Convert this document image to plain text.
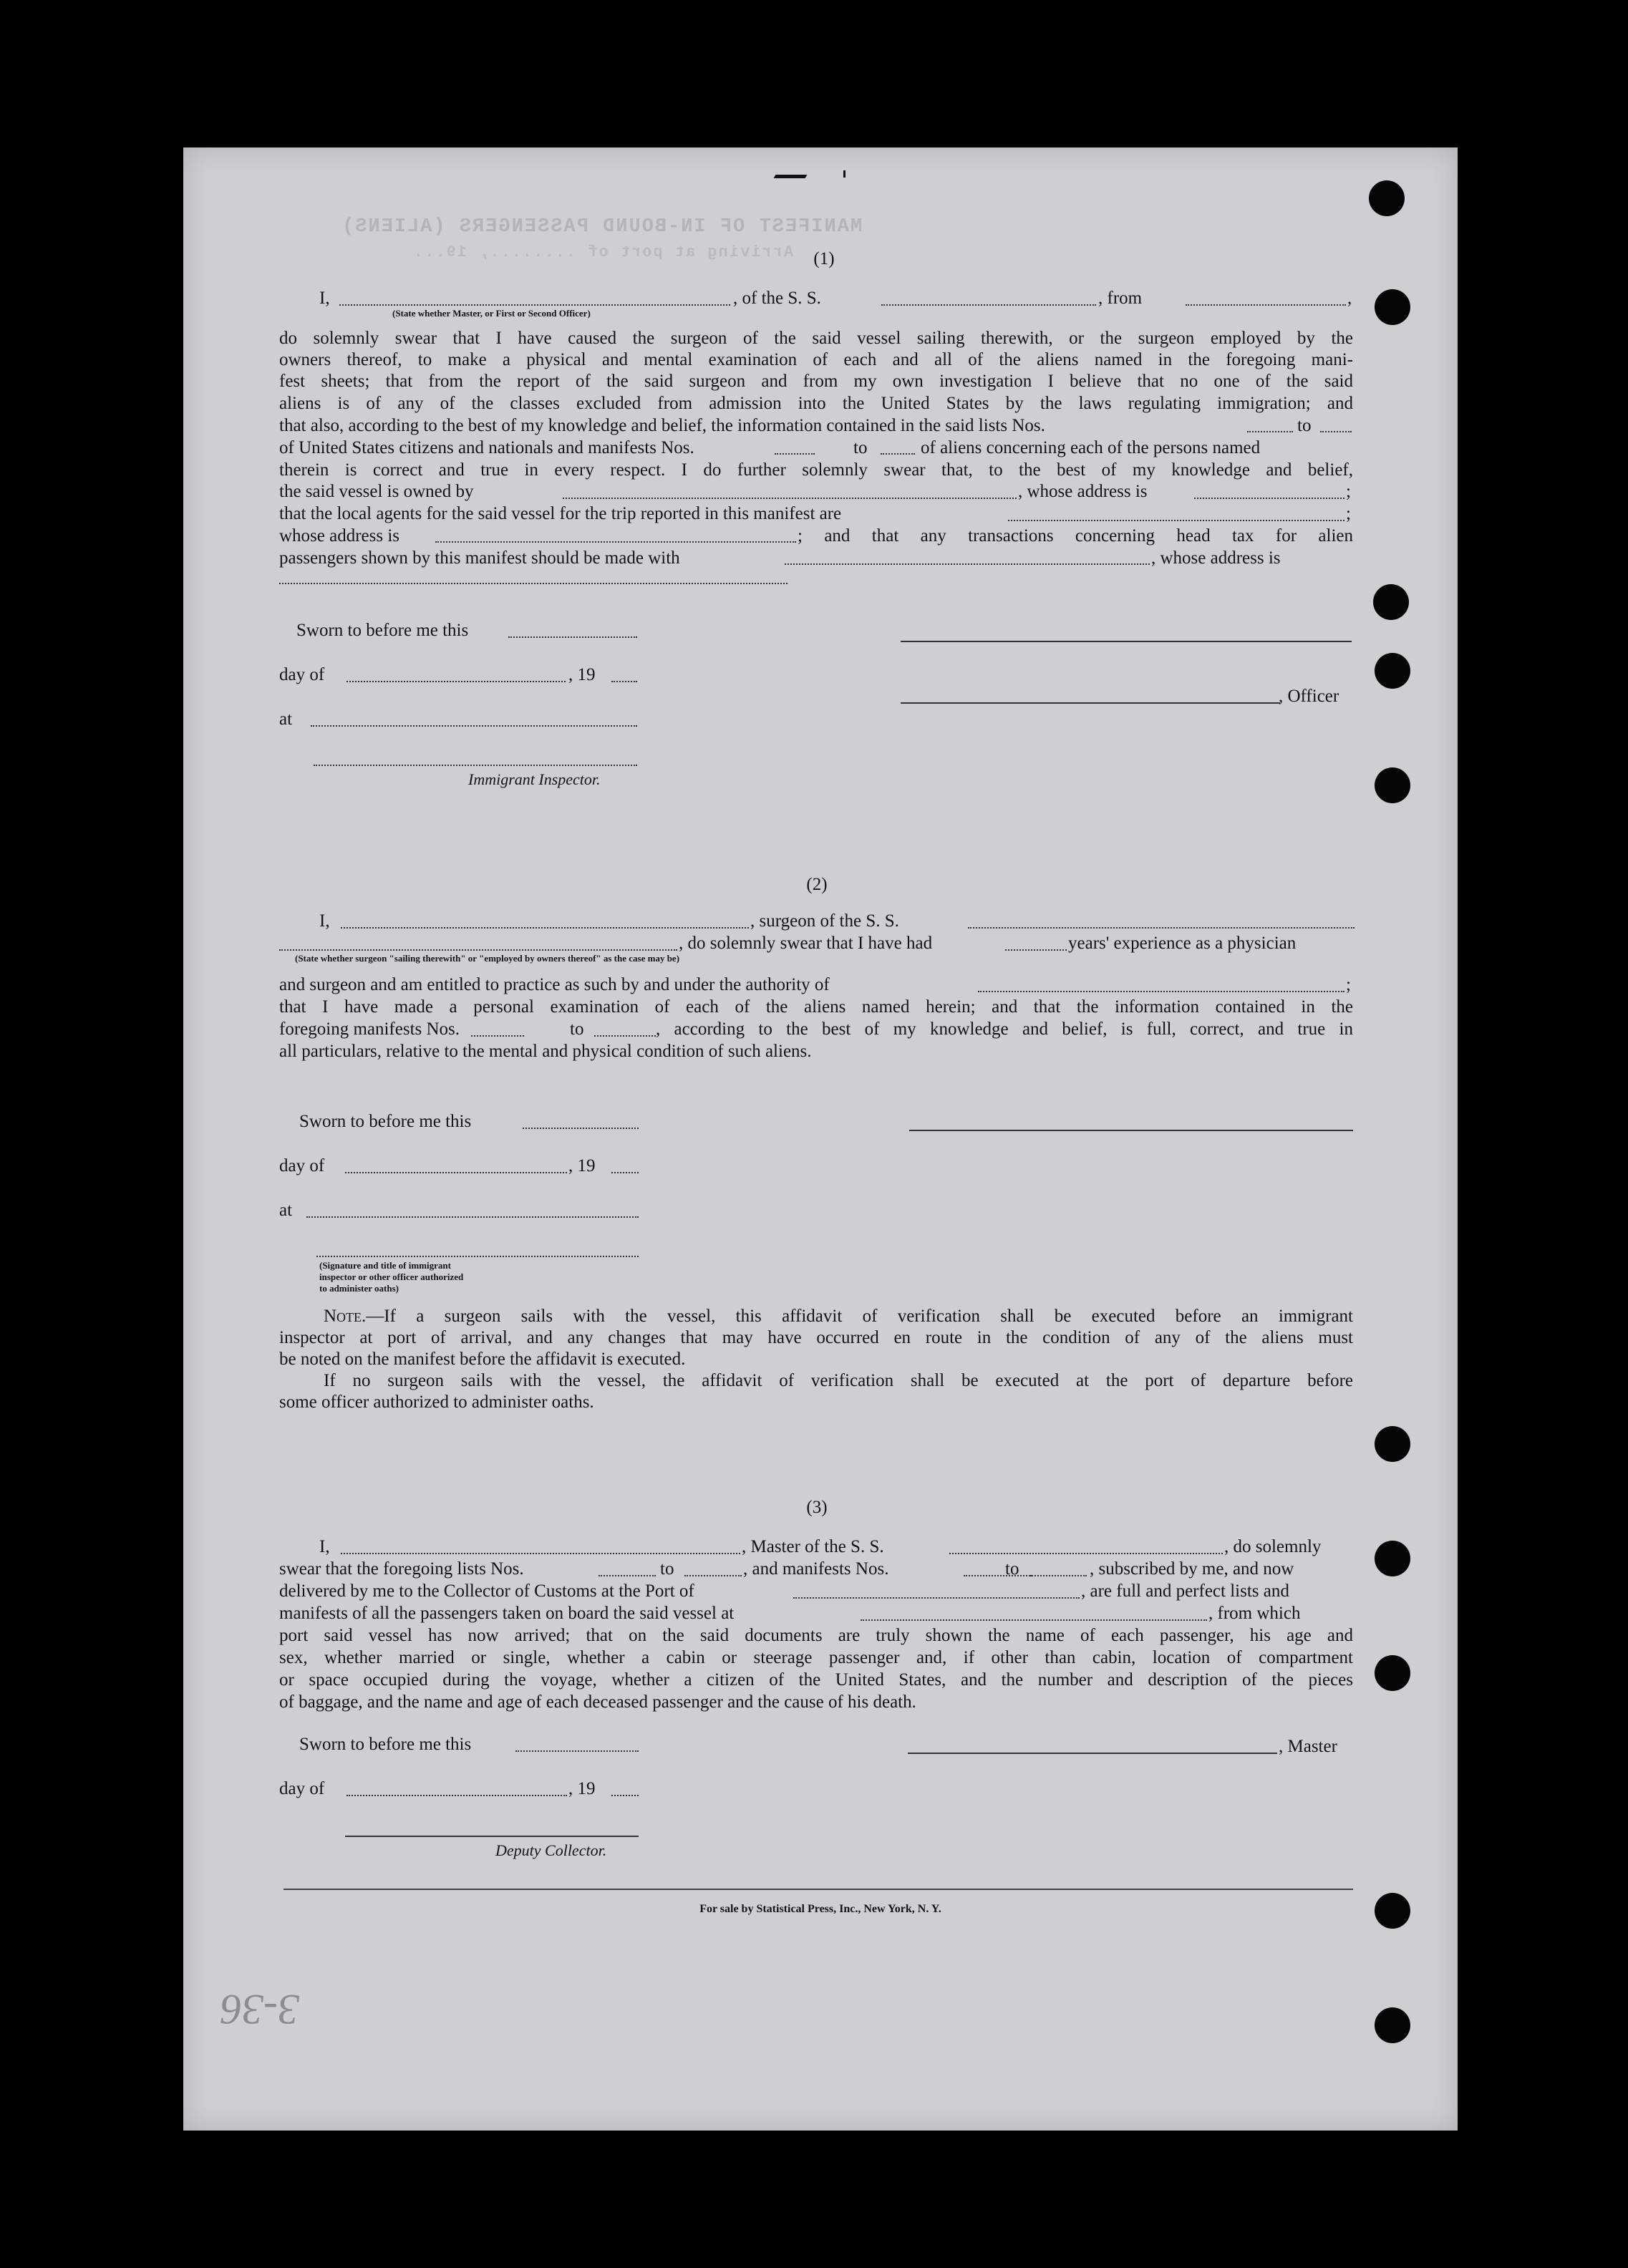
MANIFEST OF IN-BOUND PASSENGERS (ALIENS)
Arriving at port of ........, 19...	(1)
I,
(State whether Master, or First or Second Officer)
, of the S. S.	, from	,
do solemnly swear that I have caused the surgeon of the said vessel sailing therewith, or the surgeon employed by the
owners thereof, to make a physical and mental examination of each and all of the aliens named in the foregoing mani-
fest sheets; that from the report of the said surgeon and from my own investigation I believe that no one of the said
aliens is of any of the classes excluded from admission into the United States by the laws regulating immigration; and
that also, according to the best of my knowledge and belief, the information contained in the said lists Nos.	to
of United States citizens and nationals and manifests Nos.	to	of aliens concerning each of the persons named
therein is correct and true in every respect. I do further solemnly swear that, to the best of my knowledge and belief,
the said vessel is owned by	, whose address is	;
that the local agents for the said vessel for the trip reported in this manifest are	;
whose address is	; and that any transactions concerning head tax for alien
passengers shown by this manifest should be made with	, whose address is
Sworn to before me this
day of	, 19
at
Immigrant Inspector.
, Officer
(2)
I,	, surgeon of the S. S.
, do solemnly swear that I have had	years' experience as a physician
(State whether surgeon "sailing therewith" or "employed by owners thereof" as the case may be)
and surgeon and am entitled to practice as such by and under the authority of	;
that I have made a personal examination of each of the aliens named herein; and that the information contained in the
foregoing manifests Nos.	to	, according to the best of my knowledge and belief, is full, correct, and true in
all particulars, relative to the mental and physical condition of such aliens.
Sworn to before me this
day of	, 19
at
(Signature and title of immigrant inspector or other officer authorized to administer oaths)
Note.—If a surgeon sails with the vessel, this affidavit of verification shall be executed before an immigrant
inspector at port of arrival, and any changes that may have occurred en route in the condition of any of the aliens must
be noted on the manifest before the affidavit is executed.
If no surgeon sails with the vessel, the affidavit of verification shall be executed at the port of departure before
some officer authorized to administer oaths.
(3)
I,	, Master of the S. S.	, do solemnly
swear that the foregoing lists Nos.	to	, and manifests Nos.	to	, subscribed by me, and now
delivered by me to the Collector of Customs at the Port of	, are full and perfect lists and
manifests of all the passengers taken on board the said vessel at	, from which
port said vessel has now arrived; that on the said documents are truly shown the name of each passenger, his age and
sex, whether married or single, whether a cabin or steerage passenger and, if other than cabin, location of compartment
or space occupied during the voyage, whether a citizen of the United States, and the number and description of the pieces
of baggage, and the name and age of each deceased passenger and the cause of his death.
Sworn to before me this	, Master
day of	, 19
Deputy Collector.
For sale by Statistical Press, Inc., New York, N. Y.
3-36
